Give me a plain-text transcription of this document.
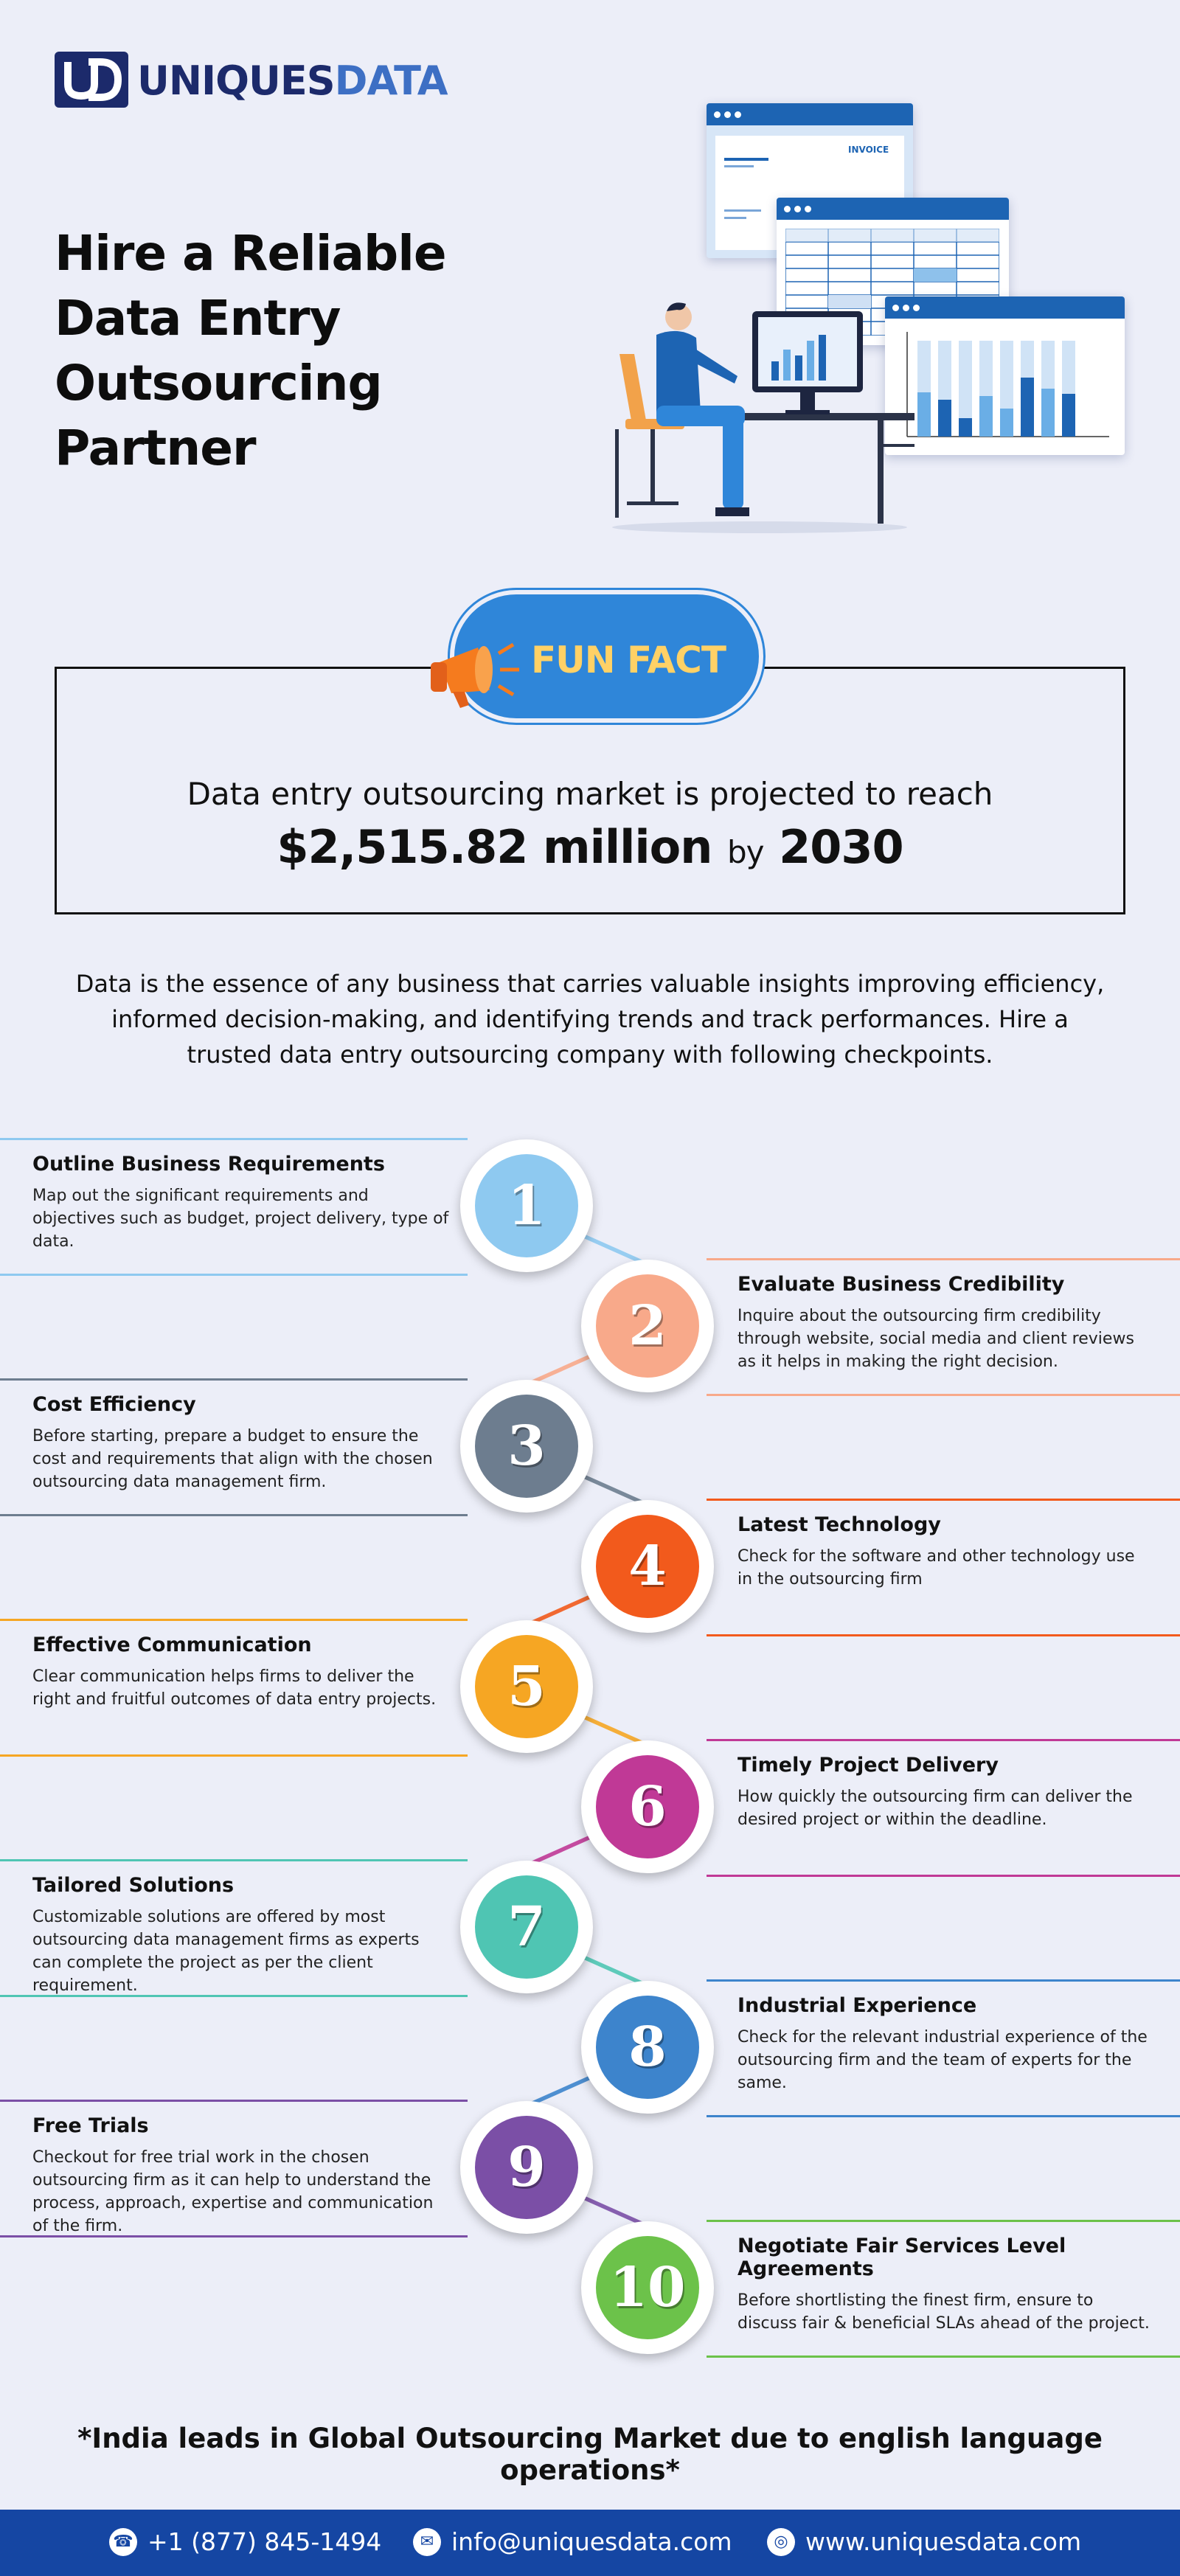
UNIQUESDATA
Hire a Reliable Data Entry Outsourcing Partner
INVOICE
FUN FACT
Data entry outsourcing market is projected to reach
$2,515.82 million by 2030
Data is the essence of any business that carries valuable insights improving efficiency, informed decision-making, and identifying trends and track performances. Hire a trusted data entry outsourcing company with following checkpoints.
1
Outline Business Requirements
Map out the significant requirements and objectives such as budget, project delivery, type of data.
2
Evaluate Business Credibility
Inquire about the outsourcing firm credibility through website, social media and client reviews as it helps in making the right decision.
3
Cost Efficiency
Before starting, prepare a budget to ensure the cost and requirements that align with the chosen outsourcing data management firm.
4
Latest Technology
Check for the software and other technology use in the outsourcing firm
5
Effective Communication
Clear communication helps firms to deliver the right and fruitful outcomes of data entry projects.
6
Timely Project Delivery
How quickly the outsourcing firm can deliver the desired project or within the deadline.
7
Tailored Solutions
Customizable solutions are offered by most outsourcing data management firms as experts can complete the project as per the client requirement.
8
Industrial Experience
Check for the relevant industrial experience of the outsourcing firm and the team of experts for the same.
9
Free Trials
Checkout for free trial work in the chosen outsourcing firm as it can help to understand the process, approach, expertise and communication of the firm.
10
Negotiate Fair Services Level Agreements
Before shortlisting the finest firm, ensure to discuss fair & beneficial SLAs ahead of the project.
*India leads in Global Outsourcing Market due to english language operations*
☎ +1 (877) 845-1494	✉ info@uniquesdata.com	◎ www.uniquesdata.com
